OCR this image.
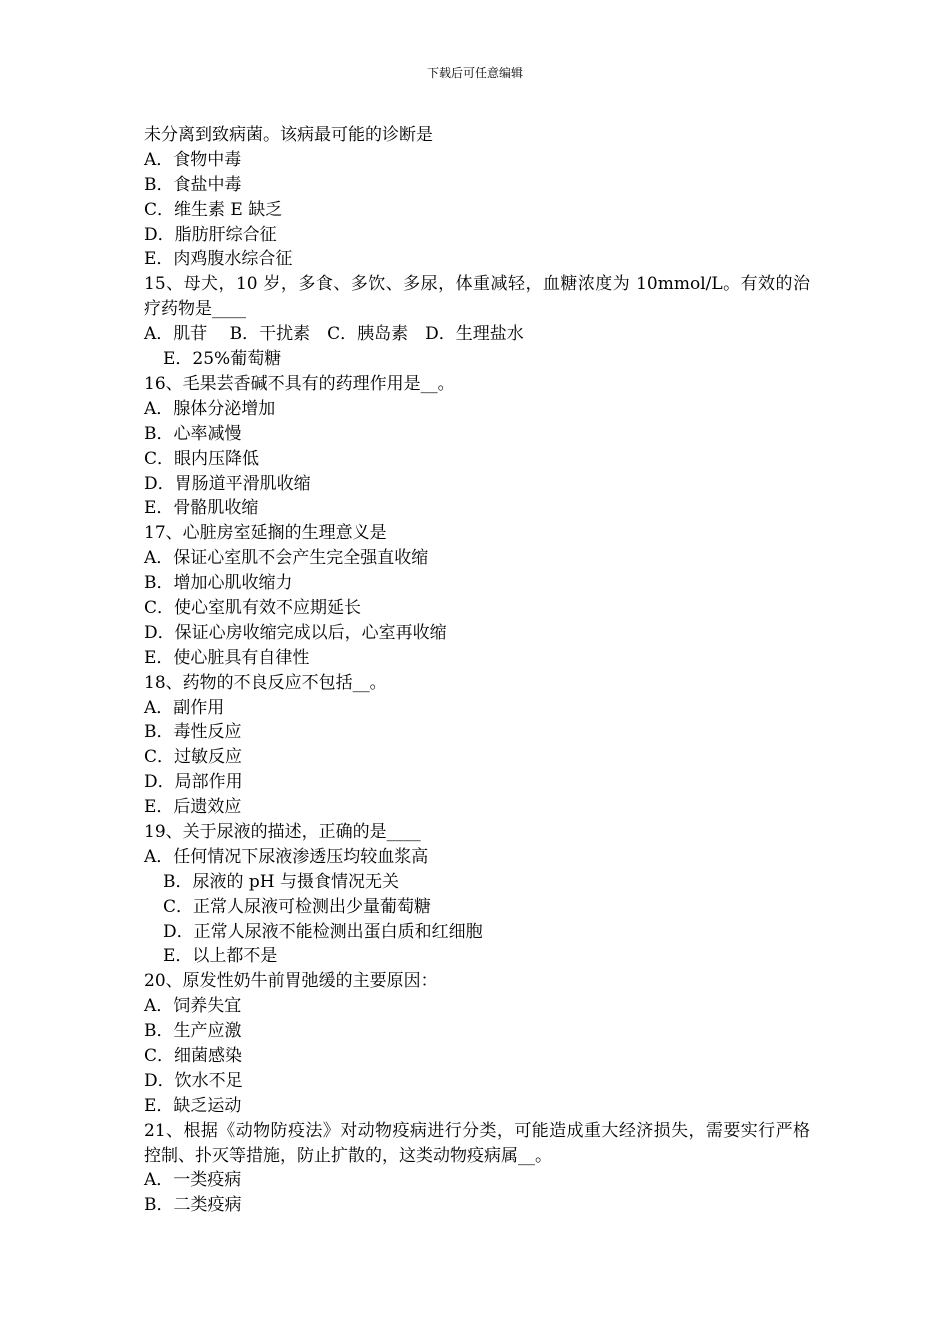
下载后可任意编辑
未分离到致病菌。该病最可能的诊断是
A．食物中毒
B．食盐中毒
C．维生素 E 缺乏
D．脂肪肝综合征
E．肉鸡腹水综合征
15、母犬，10 岁，多食、多饮、多尿，体重减轻，血糖浓度为 10mmol/L。有效的治疗药物是____
A．肌苷　 B．干扰素　C．胰岛素　D．生理盐水
E．25%葡萄糖
16、毛果芸香碱不具有的药理作用是__。
A．腺体分泌增加
B．心率减慢
C．眼内压降低
D．胃肠道平滑肌收缩
E．骨骼肌收缩
17、心脏房室延搁的生理意义是
A．保证心室肌不会产生完全强直收缩
B．增加心肌收缩力
C．使心室肌有效不应期延长
D．保证心房收缩完成以后，心室再收缩
E．使心脏具有自律性
18、药物的不良反应不包括__。
A．副作用
B．毒性反应
C．过敏反应
D．局部作用
E．后遗效应
19、关于尿液的描述，正确的是____
A．任何情况下尿液渗透压均较血浆高
B．尿液的 pH 与摄食情况无关
C．正常人尿液可检测出少量葡萄糖
D．正常人尿液不能检测出蛋白质和红细胞
E．以上都不是
20、原发性奶牛前胃弛缓的主要原因：
A．饲养失宜
B．生产应激
C．细菌感染
D．饮水不足
E．缺乏运动
21、根据《动物防疫法》对动物疫病进行分类，可能造成重大经济损失，需要实行严格控制、扑灭等措施，防止扩散的，这类动物疫病属__。
A．一类疫病
B．二类疫病
